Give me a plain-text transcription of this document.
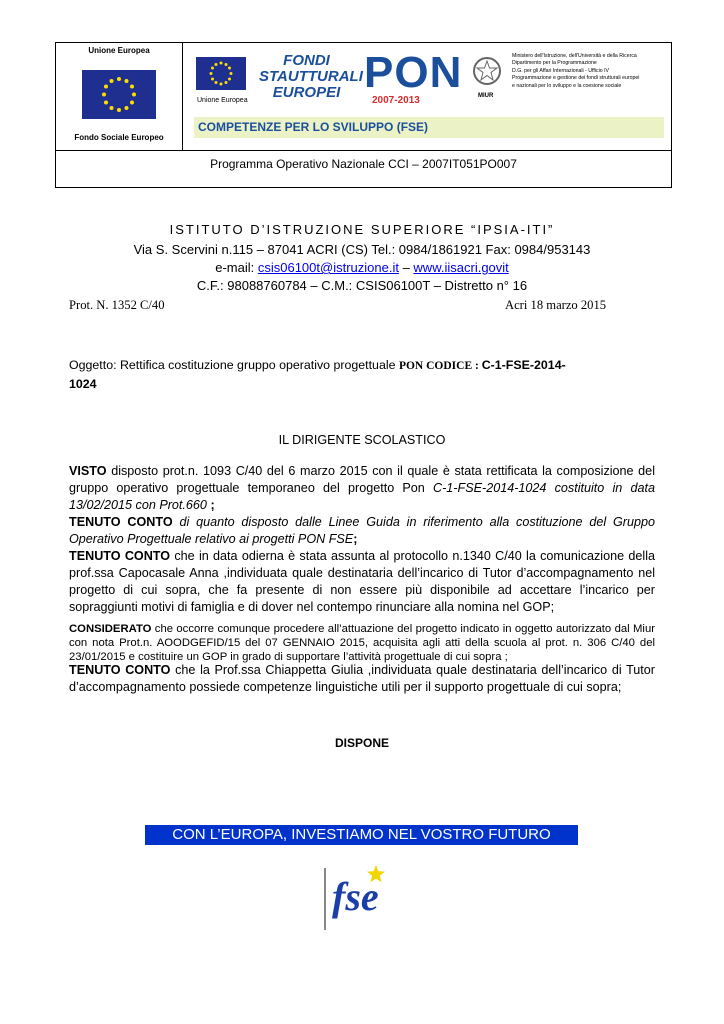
Unione Europea
Fondo Sociale Europeo
Unione Europea
FONDI
STAUTTURALI
EUROPEI PON
2007-2013	MIUR
Ministero dell'Istruzione, dell'Università e della Ricerca
Dipartimento per la Programmazione
D.G. per gli Affari Internazionali - Ufficio IV
Programmazione e gestione dei fondi strutturali europei
e nazionali per lo sviluppo e la coesione sociale
COMPETENZE PER LO SVILUPPO (FSE)
Programma Operativo Nazionale CCI – 2007IT051PO007
ISTITUTO D’ISTRUZIONE SUPERIORE “IPSIA-ITI”
Via S. Scervini n.115 – 87041 ACRI (CS) Tel.: 0984/1861921 Fax: 0984/953143
e-mail: csis06100t@istruzione.it – www.iisacri.govit
C.F.: 98088760784 – C.M.: CSIS06100T – Distretto n° 16
Prot. N. 1352 C/40	Acri 18 marzo 2015
Oggetto: Rettifica costituzione gruppo operativo progettuale PON CODICE : C-1-FSE-2014-
1024
IL DIRIGENTE SCOLASTICO
VISTO disposto prot.n. 1093 C/40 del 6 marzo 2015 con il quale è stata rettificata la composizione del gruppo operativo progettuale temporaneo del progetto Pon C-1-FSE-2014-1024 costituito in data 13/02/2015 con Prot.660 ;
TENUTO CONTO di quanto disposto dalle Linee Guida in riferimento alla costituzione del Gruppo Operativo Progettuale relativo ai progetti PON FSE;
TENUTO CONTO che in data odierna è stata assunta al protocollo n.1340 C/40 la comunicazione della prof.ssa Capocasale Anna ,individuata quale destinataria dell’incarico di Tutor d’accompagnamento nel progetto di cui sopra, che fa presente di non essere più disponibile ad accettare l’incarico per sopraggiunti motivi di famiglia e di dover nel contempo rinunciare alla nomina nel GOP;
CONSIDERATO che occorre comunque procedere all’attuazione del progetto indicato in oggetto autorizzato dal Miur con nota Prot.n. AOODGEFID/15 del 07 GENNAIO 2015, acquisita agli atti della scuola al prot. n. 306 C/40 del 23/01/2015 e costituire un GOP in grado di supportare l’attività progettuale di cui sopra ;
TENUTO CONTO che la Prof.ssa Chiappetta Giulia ,individuata quale destinataria dell’incarico di Tutor d’accompagnamento possiede competenze linguistiche utili per il supporto progettuale di cui sopra;
DISPONE
CON L’EUROPA, INVESTIAMO NEL VOSTRO FUTURO
fse
